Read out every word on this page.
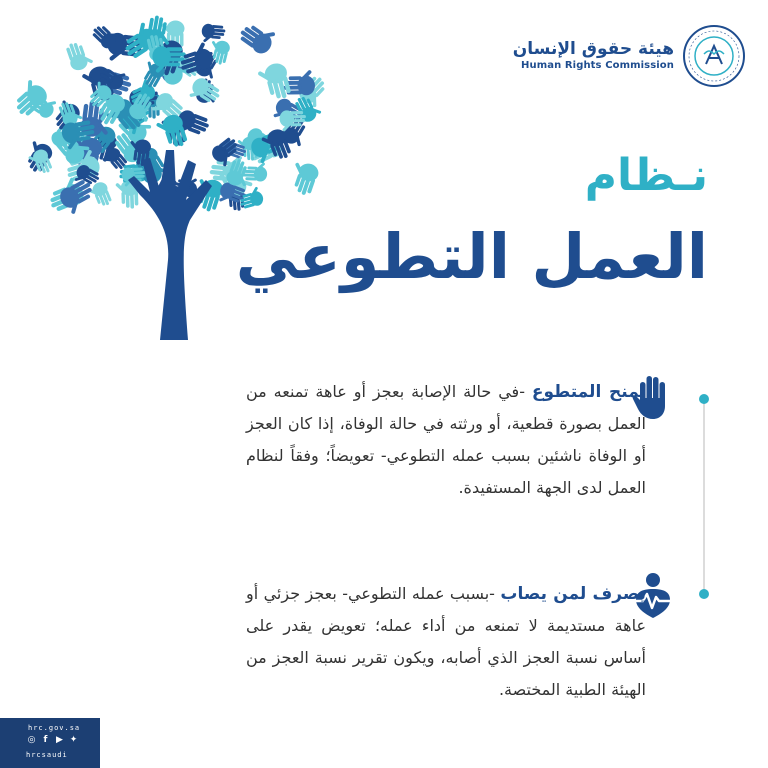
هيئة حقوق الإنسان
Human Rights Commission
نـظام
العمل التطوعي
يمنح المتطوع -في حالة الإصابة بعجز أو عاهة تمنعه من العمل بصورة قطعية، أو ورثته في حالة الوفاة، إذا كان العجز أو الوفاة ناشئين بسبب عمله التطوعي- تعويضاً؛ وفقاً لنظام العمل لدى الجهة المستفيدة.
يصرف لمن يصاب -بسبب عمله التطوعي- بعجز جزئي أو عاهة مستديمة لا تمنعه من أداء عمله؛ تعويض يقدر على أساس نسبة العجز الذي أصابه، ويكون تقرير نسبة العجز من الهيئة الطبية المختصة.
hrc.gov.sa
◎ f ▶ ✦
hrcsaudi
